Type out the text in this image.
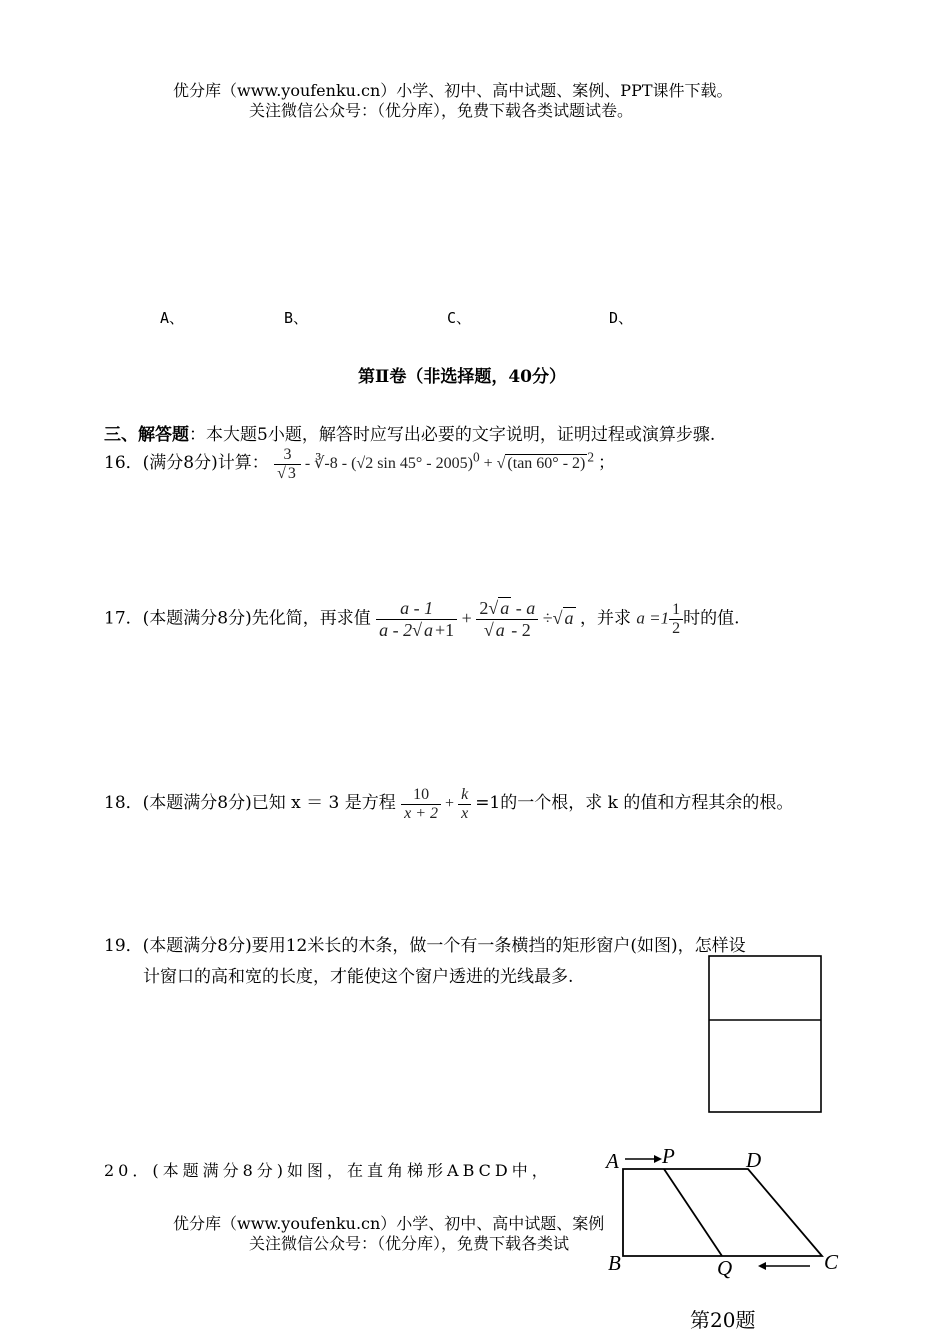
优分库（www.youfenku.cn）小学、初中、高中试题、案例、PPT课件下载。
关注微信公众号：（优分库），免费下载各类试题试卷。
A、	B、	C、	D、
第Ⅱ卷（非选择题，40分）
三、解答题：本大题5小题，解答时应写出必要的文字说明，证明过程或演算步骤.
16．(满分8分)计算： $\frac{3}{√ 3}$ - ∛-8 - (√2 sin 45° - 2005)$^0$ + √ (tan 60° - 2) $^2$ ；
17．(本题满分8分)先化简，再求值 $\frac{a - 1}{a - 2√ a +1} + \frac{2√ a - a}{√ a - 2}$ ÷√ a ，并求 $a =1 \frac{1}{2}$ 时的值.
18．(本题满分8分)已知 x ＝ 3 是方程 $\frac{10}{x + 2} + \frac{k}{x} =1$的一个根，求 k 的值和方程其余的根。
19．(本题满分8分)要用12米长的木条，做一个有一条横挡的矩形窗户(如图)，怎样设
计窗口的高和宽的长度，才能使这个窗户透进的光线最多.
20．(本题满分8分)如图，在直角梯形ABCD中，
优分库（www.youfenku.cn）小学、初中、高中试题、案例
关注微信公众号：（优分库），免费下载各类试
A P	D
B	Q	C
第20题
